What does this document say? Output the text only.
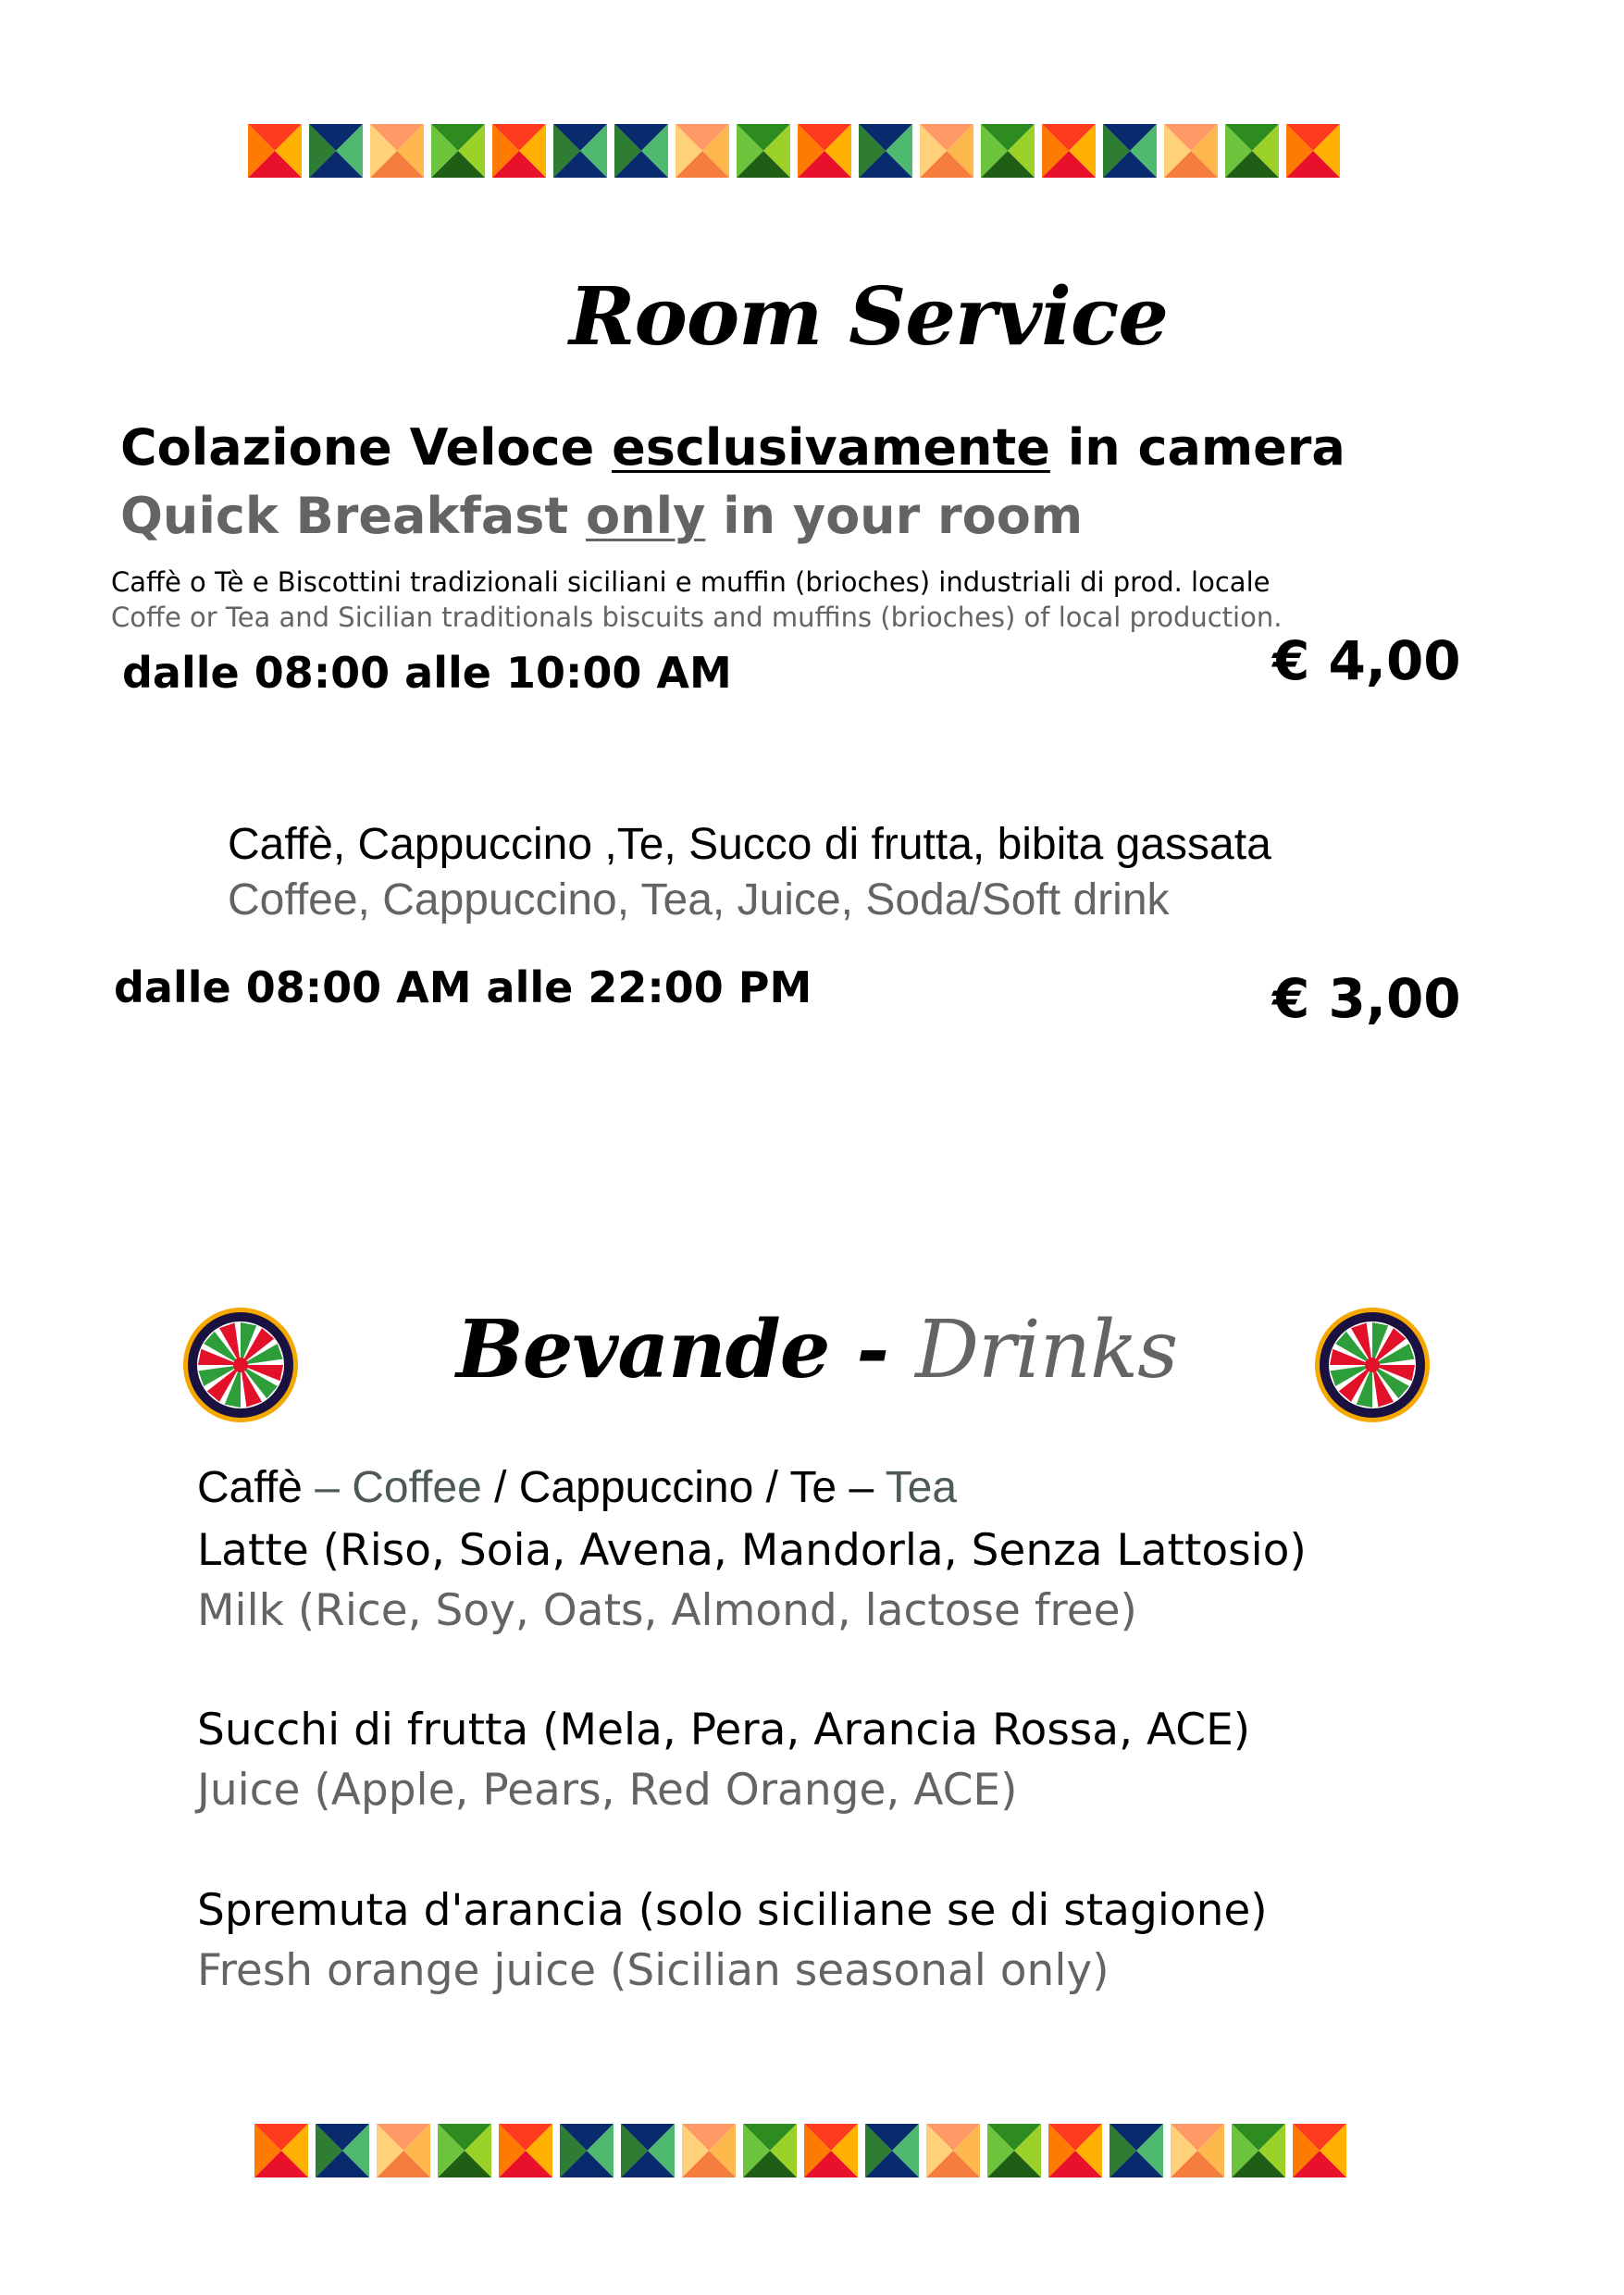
Room Service
Colazione Veloce esclusivamente in camera
Quick Breakfast only in your room
Caffè o Tè e Biscottini tradizionali siciliani e muffin (brioches) industriali di prod. locale
Coffe or Tea and Sicilian traditionals biscuits and muffins (brioches) of local production.
dalle 08:00 alle 10:00 AM	€ 4,00
Caffè, Cappuccino ,Te, Succo di frutta, bibita gassata
Coffee, Cappuccino, Tea, Juice, Soda/Soft drink
dalle 08:00 AM alle 22:00 PM	€ 3,00
Bevande - Drinks
Caffè – Coffee / Cappuccino / Te – Tea
Latte (Riso, Soia, Avena, Mandorla, Senza Lattosio)
Milk (Rice, Soy, Oats, Almond, lactose free)
Succhi di frutta (Mela, Pera, Arancia Rossa, ACE)
Juice (Apple, Pears, Red Orange, ACE)
Spremuta d'arancia (solo siciliane se di stagione)
Fresh orange juice (Sicilian seasonal only)
